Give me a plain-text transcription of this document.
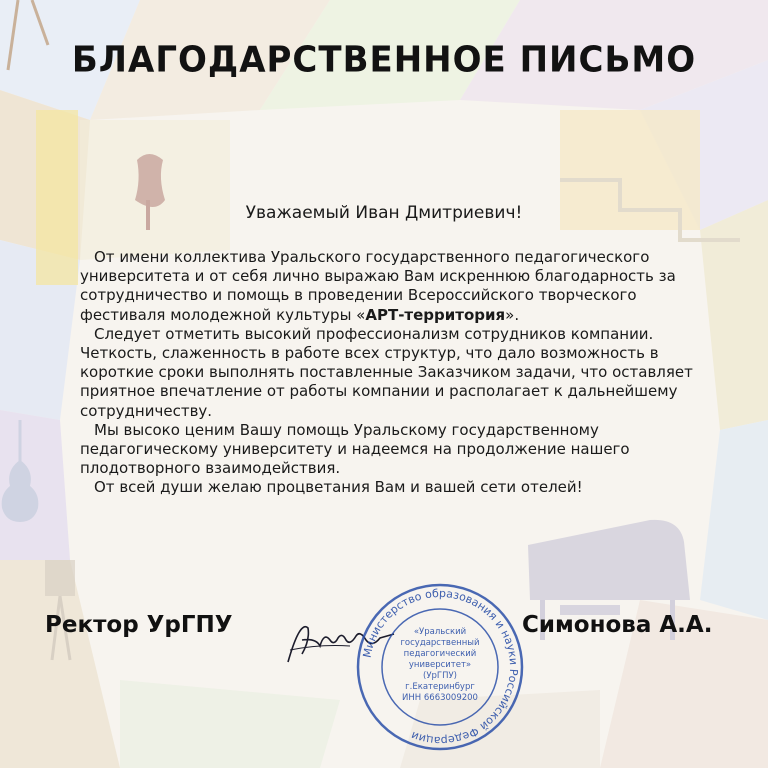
БЛАГОДАРСТВЕННОЕ ПИСЬМО
Уважаемый Иван Дмитриевич!

От имени коллектива Уральского государственного педагогического университета и от себя лично выражаю Вам искреннюю благодарность за сотрудничество и помощь в проведении Всероссийского творческого фестиваля молодежной культуры «АРТ-территория».

Следует отметить высокий профессионализм сотрудников компании. Четкость, слаженность в работе всех структур, что дало возможность в короткие сроки выполнять поставленные Заказчиком задачи, что оставляет приятное впечатление от работы компании и располагает к дальнейшему сотрудничеству.

Мы высоко ценим Вашу помощь Уральскому государственному педагогическому университету и надеемся на продолжение нашего плодотворного взаимодействия.

От всей души желаю процветания Вам и вашей сети отелей!

Ректор УрГПУ	Симонова А.А.
Министерство образования и науки Российской Федерации
«Уральский
государственный
педагогический
университет»
(УрГПУ)
г.Екатеринбург
ИНН 6663009200
